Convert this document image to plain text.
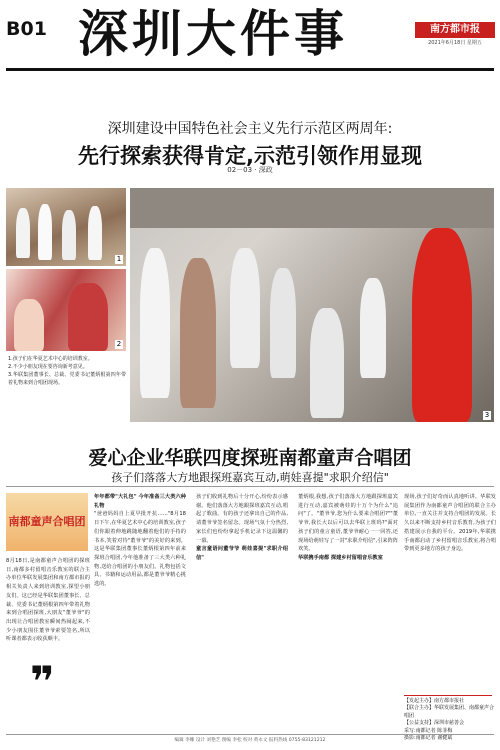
B01 深圳大件事	南方都市报
2021年6月18日 星期五
深圳建设中国特色社会主义先行示范区两周年:
先行探索获得肯定,示范引领作用显现
02－03 · 深政
1
2
3
1.孩子们在华夏艺术中心的培训教室。
2.不少小朋友现在要咨询新考意见。
3.华联集团董事长、总裁、党委书记董炳根第四年带着礼物来到合唱团现场。
爱心企业华联四度探班南都童声合唱团
孩子们落落大方地跟探班嘉宾互动,萌娃喜提"求职介绍信"
南都童声合唱团
8月18日,是南都童声合唱团的探班日,南都多村留唱音乐教室的联合主办单位华联发展集团和南方都市报的相关负责人来到培训教室,探望小朋友们。这已经是华联集团董事长、总裁、党委书记董炳根第四年带着礼物来到合唱团探班,大朋友"董爷爷"的出现让合唱团教室瞬间热闹起来,不少小朋友围住董爷爷索要签名,所以听课者都表示收获颇丰。
❞
年年都带"大礼包" 今年准备三大类六种礼物
"爸爸妈妈自上夏早批开抗……"8月18日下午,在华夏艺术中心的培训教室,孩子们你跟着伸地跳随地翻着他们的手持的书本,笑着对待"董爷爷"的美好的来到。这是华联集团董事长董炳根第四年前来探班合唱团,今年他准备了三大类六种礼物,送给合唱团的小朋友们。礼物包括文具、书籍和运动用品,都是董爷爷精心挑选的。
孩子们收到礼物后十分开心,纷纷表示感谢。他们落落大方地跟探班嘉宾互动,唱起了歌曲。有的孩子还拿出自己的作品,请董爷爷签名留念。现场气氛十分热烈,家长们也纷纷拿起手机记录下这温馨的一幕。
童言童语问董爷爷 萌娃喜提"求职介绍信"
董炳根,我想,孩子们落落大方地跟探班嘉宾进行互动,嘉宾被萌娃的十万个为什么"追问"了。"董爷爷,您为什么要来合唱团?""董爷爷,我长大以后可以去华联上班吗?"面对孩子们的童言童语,董爷爷耐心一一回答,还现场给萌娃写了一封"求职介绍信",引来阵阵欢笑。
华联携手南都 探建乡村留唱音乐教室
现场,孩子们好奇而认真地听讲。华联发展集团作为南都童声合唱团的联合主办单位,一直关注并支持合唱团的发展。长久以来不断支持乡村音乐教育,为孩子们搭建展示自我的平台。2019年,华联携手南都启动了乡村留唱音乐教室,将合唱带到更多地方的孩子身边。
【发起主办】南方都市报社
【联合主办】华联发展集团、南都童声合唱团
【公益支持】深圳市慈善会
采写:南都记者 陈菲梅
摄影:南都记者 谢健斌
编辑 李姗 设计 刘艳芝 图编 李松 校对 黄永文 报料热线 0755-83121212
